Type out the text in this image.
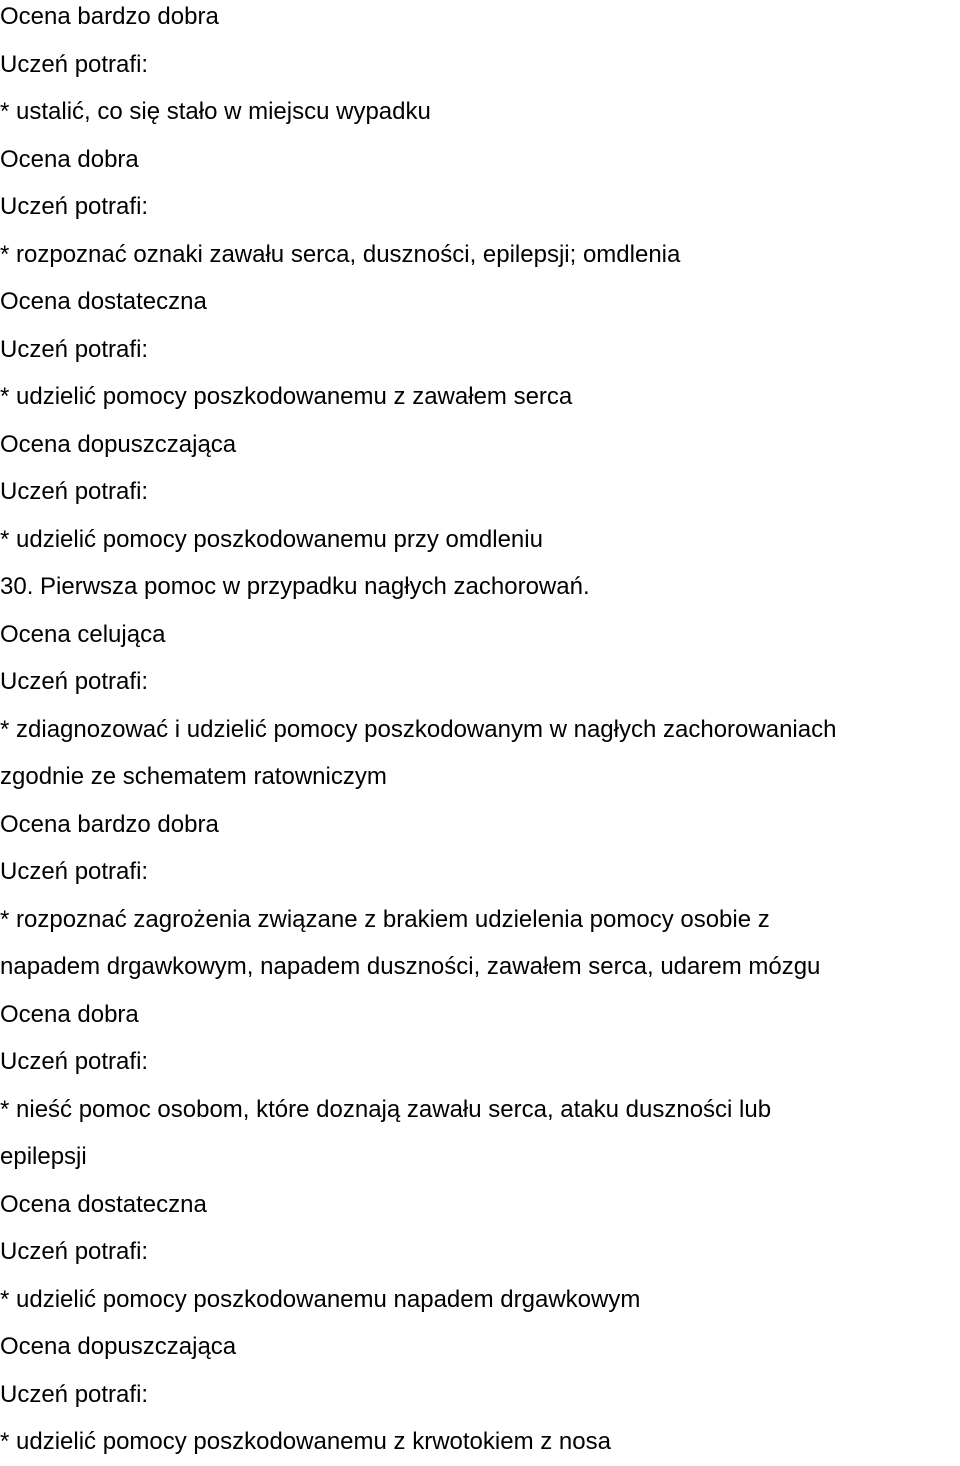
Ocena bardzo dobra
Uczeń potrafi:
* ustalić, co się stało w miejscu wypadku
Ocena dobra
Uczeń potrafi:
* rozpoznać oznaki zawału serca, duszności, epilepsji; omdlenia
Ocena dostateczna
Uczeń potrafi:
* udzielić pomocy poszkodowanemu z zawałem serca
Ocena dopuszczająca
Uczeń potrafi:
* udzielić pomocy poszkodowanemu przy omdleniu
30. Pierwsza pomoc w przypadku nagłych zachorowań.
Ocena celująca
Uczeń potrafi:
* zdiagnozować i udzielić pomocy poszkodowanym w nagłych zachorowaniach
zgodnie ze schematem ratowniczym
Ocena bardzo dobra
Uczeń potrafi:
* rozpoznać zagrożenia związane z brakiem udzielenia pomocy osobie z
napadem drgawkowym, napadem duszności, zawałem serca, udarem mózgu
Ocena dobra
Uczeń potrafi:
* nieść pomoc osobom, które doznają zawału serca, ataku duszności lub
epilepsji
Ocena dostateczna
Uczeń potrafi:
* udzielić pomocy poszkodowanemu napadem drgawkowym
Ocena dopuszczająca
Uczeń potrafi:
* udzielić pomocy poszkodowanemu z krwotokiem z nosa
